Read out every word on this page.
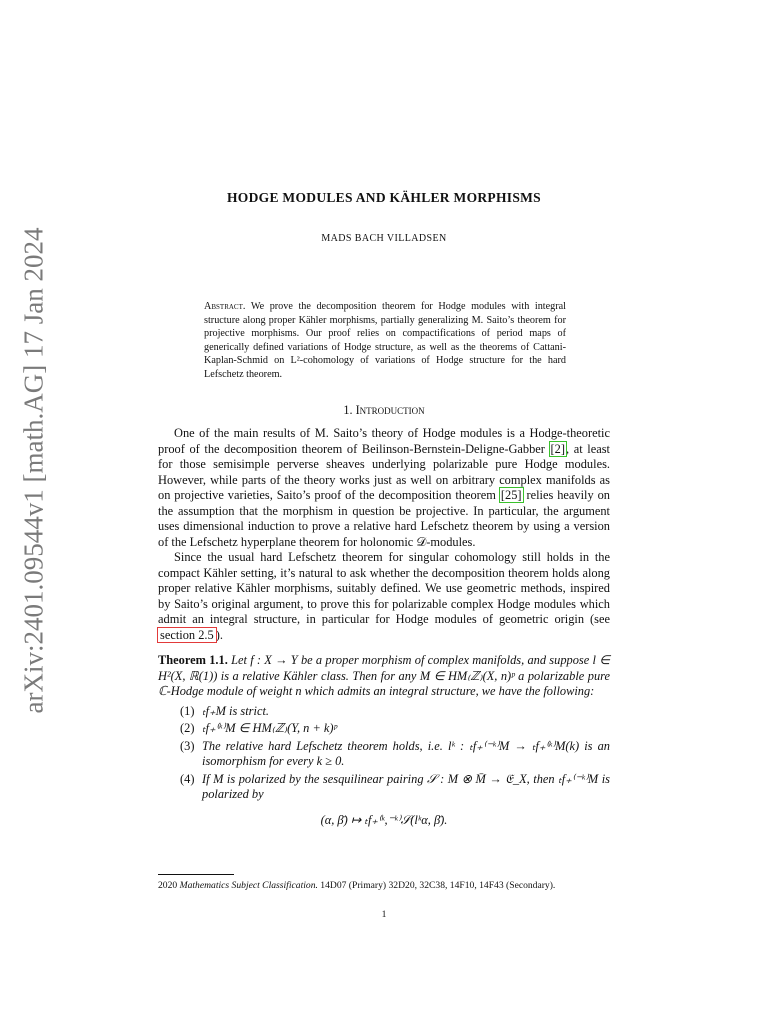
arXiv:2401.09544v1 [math.AG] 17 Jan 2024
HODGE MODULES AND KÄHLER MORPHISMS
MADS BACH VILLADSEN
Abstract. We prove the decomposition theorem for Hodge modules with integral structure along proper Kähler morphisms, partially generalizing M. Saito’s theorem for projective morphisms. Our proof relies on compactifications of period maps of generically defined variations of Hodge structure, as well as the theorems of Cattani-Kaplan-Schmid on L²-cohomology of variations of Hodge structure for the hard Lefschetz theorem.
1. Introduction

One of the main results of M. Saito’s theory of Hodge modules is a Hodge-theoretic proof of the decomposition theorem of Beilinson-Bernstein-Deligne-Gabber [2], at least for those semisimple perverse sheaves underlying polarizable pure Hodge modules. However, while parts of the theory works just as well on arbitrary complex manifolds as on projective varieties, Saito’s proof of the decomposition theorem [25] relies heavily on the assumption that the morphism in question be projective. In particular, the argument uses dimensional induction to prove a relative hard Lefschetz theorem by using a version of the Lefschetz hyperplane theorem for holonomic 𝒟-modules.

Since the usual hard Lefschetz theorem for singular cohomology still holds in the compact Kähler setting, it’s natural to ask whether the decomposition theorem holds along proper relative Kähler morphisms, suitably defined. We use geometric methods, inspired by Saito’s original argument, to prove this for polarizable complex Hodge modules which admit an integral structure, in particular for Hodge modules of geometric origin (see section 2.5 ).

Theorem 1.1. Let f : X → Y be a proper morphism of complex manifolds, and suppose l ∈ H²(X, ℝ(1)) is a relative Kähler class. Then for any M ∈ HM₍ℤ₎(X, n)ᵖ a polarizable pure ℂ-Hodge module of weight n which admits an integral structure, we have the following:
(1) ₜf₊M is strict.
(2) ₜf₊⁽ᵏ⁾M ∈ HM₍ℤ₎(Y, n + k)ᵖ
(3) The relative hard Lefschetz theorem holds, i.e. lᵏ : ₜf₊⁽⁻ᵏ⁾M → ₜf₊⁽ᵏ⁾M(k) is an isomorphism for every k ≥ 0.
(4) If M is polarized by the sesquilinear pairing 𝒮 : M ⊗ M̄ → 𝔈_X, then ₜf₊⁽⁻ᵏ⁾M is polarized by
(α, β̄) ↦ ₜf₊⁽ᵏ,⁻ᵏ⁾𝒮(lᵏα, β̄).
2020 Mathematics Subject Classification. 14D07 (Primary) 32D20, 32C38, 14F10, 14F43 (Secondary).
1
